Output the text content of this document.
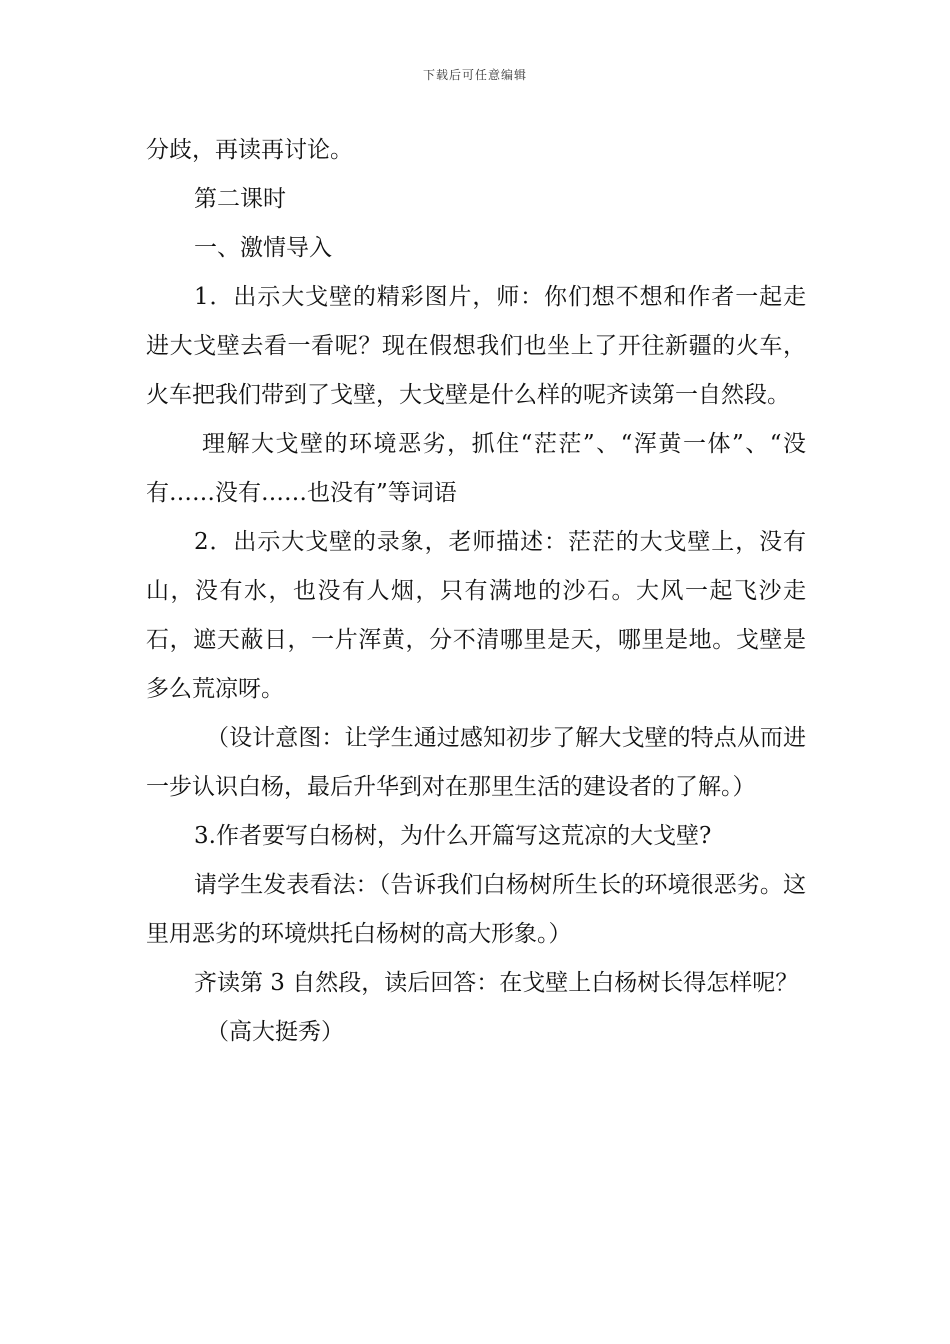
下载后可任意编辑

分歧，再读再讨论。

第二课时

一、激情导入

1．出示大戈壁的精彩图片，师：你们想不想和作者一起走进大戈壁去看一看呢？现在假想我们也坐上了开往新疆的火车，火车把我们带到了戈壁，大戈壁是什么样的呢齐读第一自然段。

理解大戈壁的环境恶劣，抓住“茫茫”、“浑黄一体”、“没有……没有……也没有”等词语

2．出示大戈壁的录象，老师描述：茫茫的大戈壁上，没有山，没有水，也没有人烟，只有满地的沙石。大风一起飞沙走石，遮天蔽日，一片浑黄，分不清哪里是天，哪里是地。戈壁是多么荒凉呀。

（设计意图：让学生通过感知初步了解大戈壁的特点从而进一步认识白杨，最后升华到对在那里生活的建设者的了解。）

3.作者要写白杨树，为什么开篇写这荒凉的大戈壁?

请学生发表看法：（告诉我们白杨树所生长的环境很恶劣。这里用恶劣的环境烘托白杨树的高大形象。）

齐读第 3 自然段，读后回答：在戈壁上白杨树长得怎样呢？

（高大挺秀）
